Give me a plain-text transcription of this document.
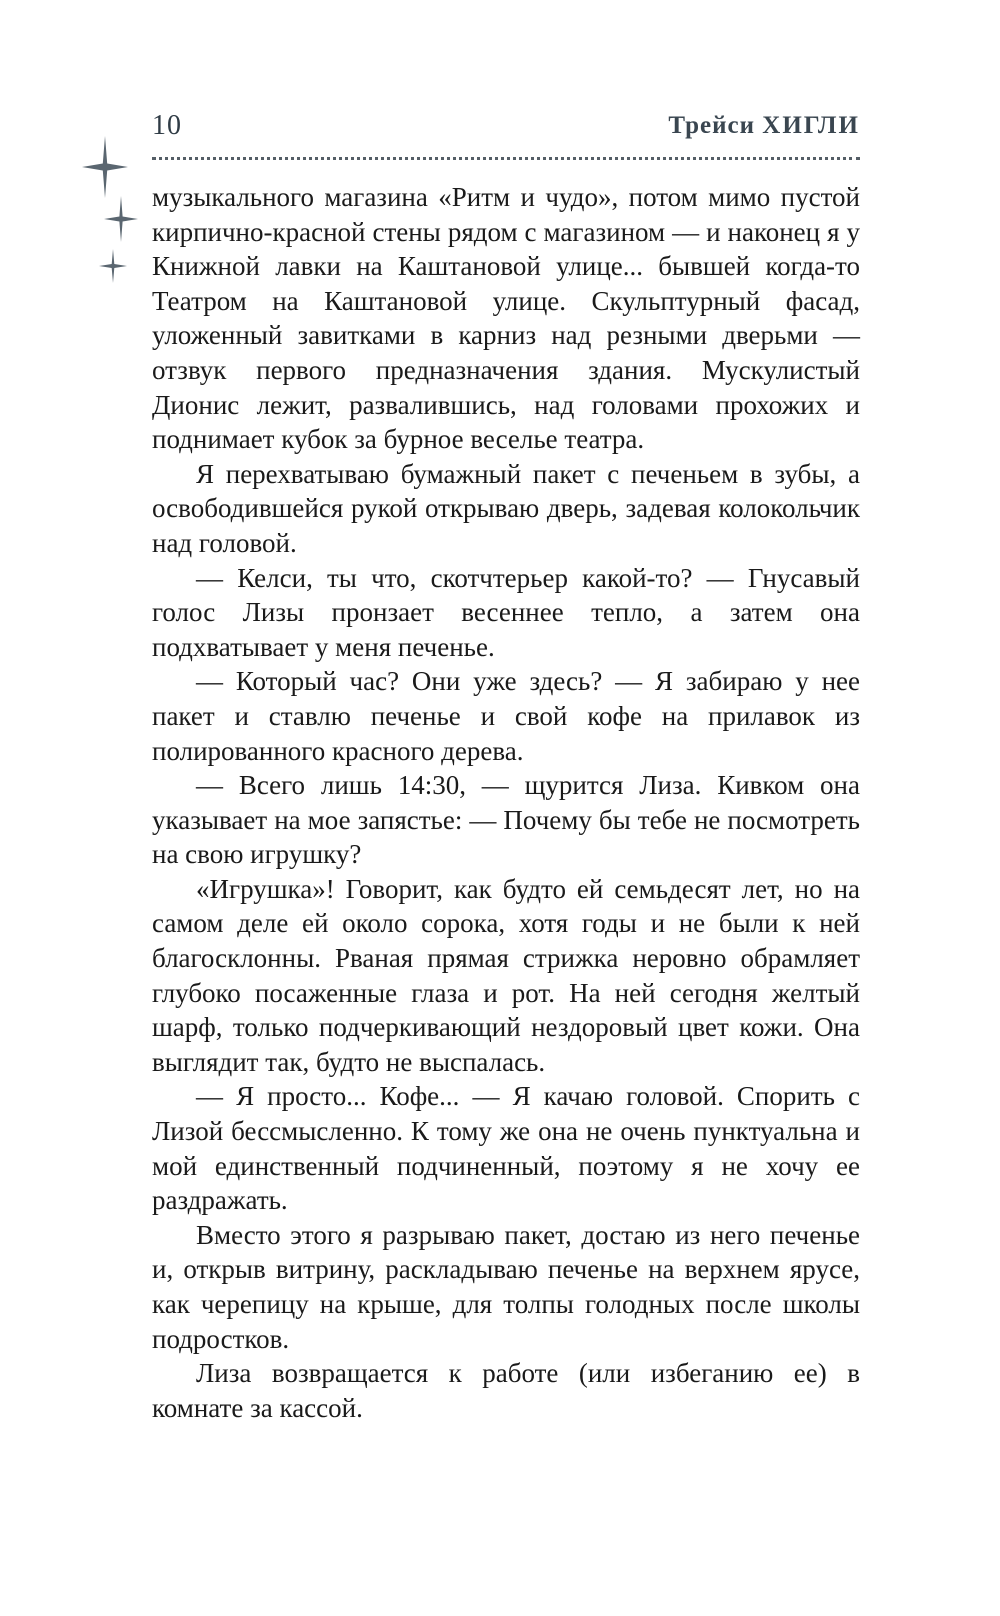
10	Трейси ХИГЛИ

музыкального магазина «Ритм и чудо», потом мимо пустой кирпично-красной стены рядом с магазином — и наконец я у Книжной лавки на Каштановой улице... бывшей когда-то Театром на Каштановой улице. Скульптурный фасад, уложенный завитками в карниз над резными дверьми — отзвук первого предназначения здания. Мускулистый Дионис лежит, развалившись, над головами прохожих и поднимает кубок за бурное веселье театра.

Я перехватываю бумажный пакет с печеньем в зубы, а освободившейся рукой открываю дверь, задевая колокольчик над головой.

— Келси, ты что, скотчтерьер какой-то? — Гнусавый голос Лизы пронзает весеннее тепло, а затем она подхватывает у меня печенье.

— Который час? Они уже здесь? — Я забираю у нее пакет и ставлю печенье и свой кофе на прилавок из полированного красного дерева.

— Всего лишь 14:30, — щурится Лиза. Кивком она указывает на мое запястье: — Почему бы тебе не посмотреть на свою игрушку?

«Игрушка»! Говорит, как будто ей семьдесят лет, но на самом деле ей около сорока, хотя годы и не были к ней благосклонны. Рваная прямая стрижка неровно обрамляет глубоко посаженные глаза и рот. На ней сегодня желтый шарф, только подчеркивающий нездоровый цвет кожи. Она выглядит так, будто не выспалась.

— Я просто... Кофе... — Я качаю головой. Спорить с Лизой бессмысленно. К тому же она не очень пунктуальна и мой единственный подчиненный, поэтому я не хочу ее раздражать.

Вместо этого я разрываю пакет, достаю из него печенье и, открыв витрину, раскладываю печенье на верхнем ярусе, как черепицу на крыше, для толпы голодных после школы подростков.

Лиза возвращается к работе (или избеганию ее) в комнате за кассой.
